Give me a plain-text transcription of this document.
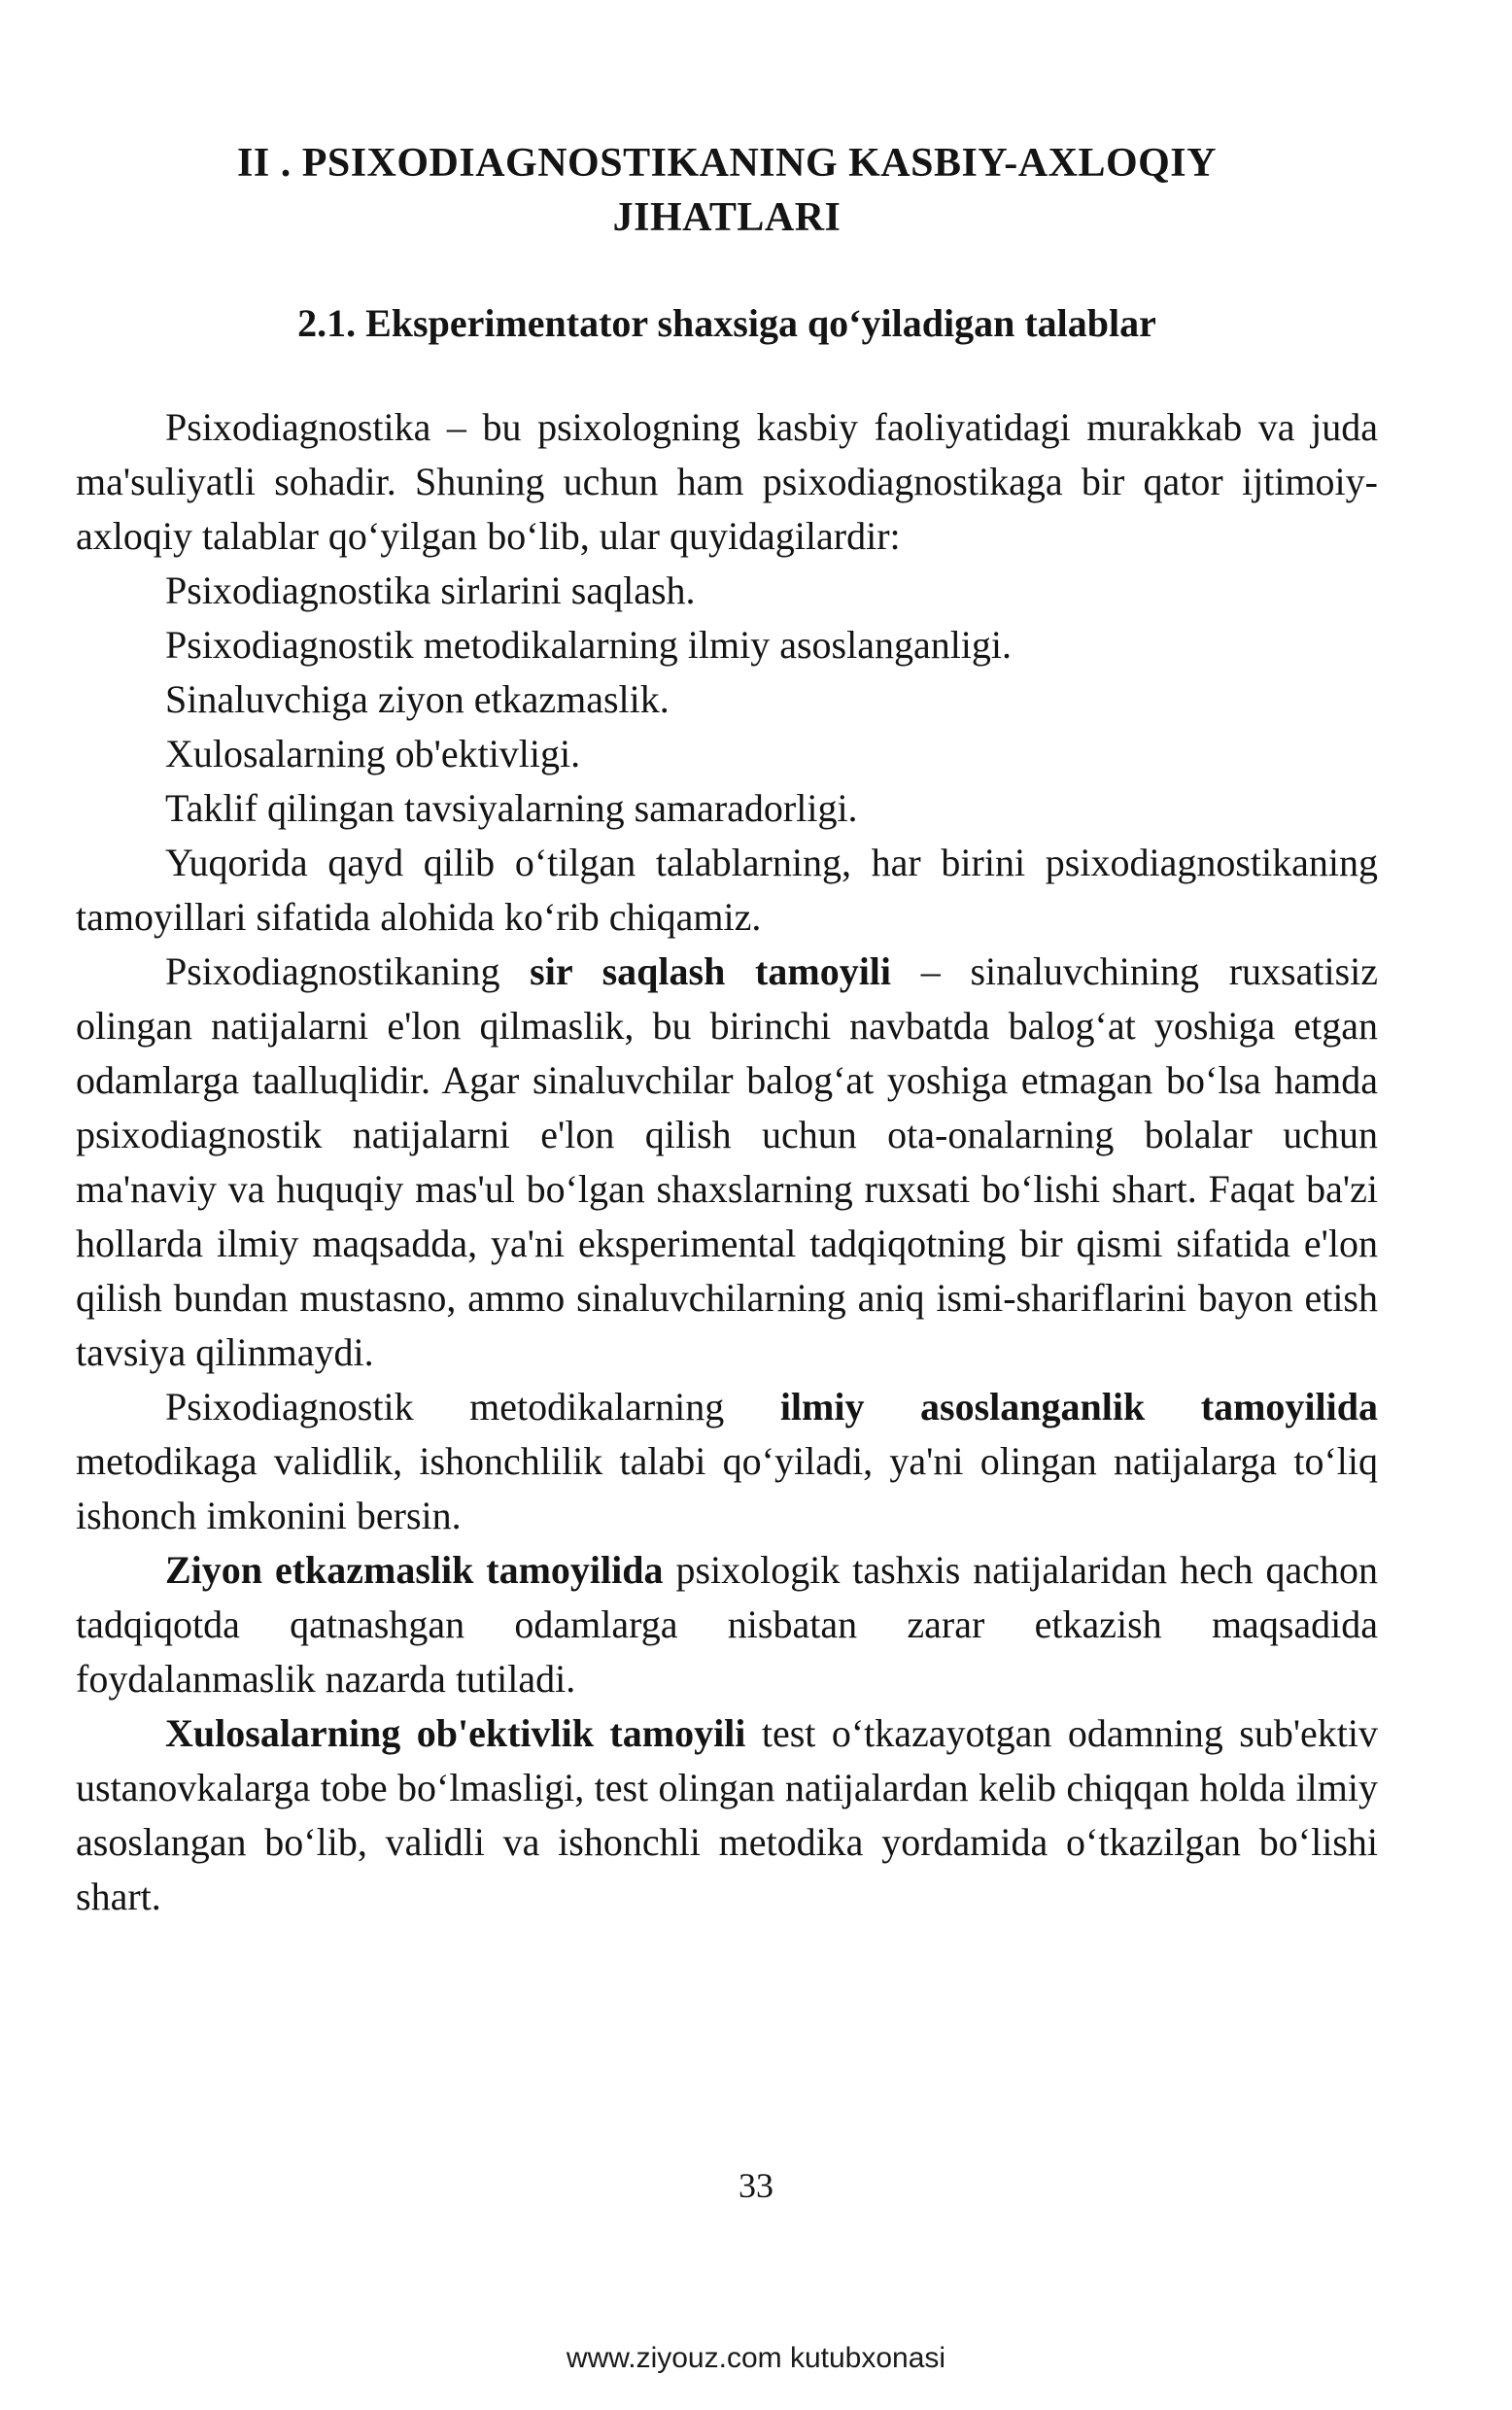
II . PSIXODIAGNOSTIKANING KASBIY-AXLOQIY
JIHATLARI
2.1. Eksperimentator shaxsiga qo‘yiladigan talablar

Psixodiagnostika – bu psixologning kasbiy faoliyatidagi murakkab va juda ma'suliyatli sohadir. Shuning uchun ham psixodiagnostikaga bir qator ijtimoiy-axloqiy talablar qo‘yilgan bo‘lib, ular quyidagilardir:

Psixodiagnostika sirlarini saqlash.

Psixodiagnostik metodikalarning ilmiy asoslanganligi.

Sinaluvchiga ziyon etkazmaslik.

Xulosalarning ob'ektivligi.

Taklif qilingan tavsiyalarning samaradorligi.

Yuqorida qayd qilib o‘tilgan talablarning, har birini psixodiagnostikaning tamoyillari sifatida alohida ko‘rib chiqamiz.

Psixodiagnostikaning sir saqlash tamoyili – sinaluvchining ruxsatisiz olingan natijalarni e'lon qilmaslik, bu birinchi navbatda balog‘at yoshiga etgan odamlarga taalluqlidir. Agar sinaluvchilar balog‘at yoshiga etmagan bo‘lsa hamda psixodiagnostik natijalarni e'lon qilish uchun ota-onalarning bolalar uchun ma'naviy va huquqiy mas'ul bo‘lgan shaxslarning ruxsati bo‘lishi shart. Faqat ba'zi hollarda ilmiy maqsadda, ya'ni eksperimental tadqiqotning bir qismi sifatida e'lon qilish bundan mustasno, ammo sinaluvchilarning aniq ismi-shariflarini bayon etish tavsiya qilinmaydi.

Psixodiagnostik metodikalarning ilmiy asoslanganlik tamoyilida metodikaga validlik, ishonchlilik talabi qo‘yiladi, ya'ni olingan natijalarga to‘liq ishonch imkonini bersin.

Ziyon etkazmaslik tamoyilida psixologik tashxis natijalaridan hech qachon tadqiqotda qatnashgan odamlarga nisbatan zarar etkazish maqsadida foydalanmaslik nazarda tutiladi.

Xulosalarning ob'ektivlik tamoyili test o‘tkazayotgan odamning sub'ektiv ustanovkalarga tobe bo‘lmasligi, test olingan natijalardan kelib chiqqan holda ilmiy asoslangan bo‘lib, validli va ishonchli metodika yordamida o‘tkazilgan bo‘lishi shart.

33
www.ziyouz.com kutubxonasi
